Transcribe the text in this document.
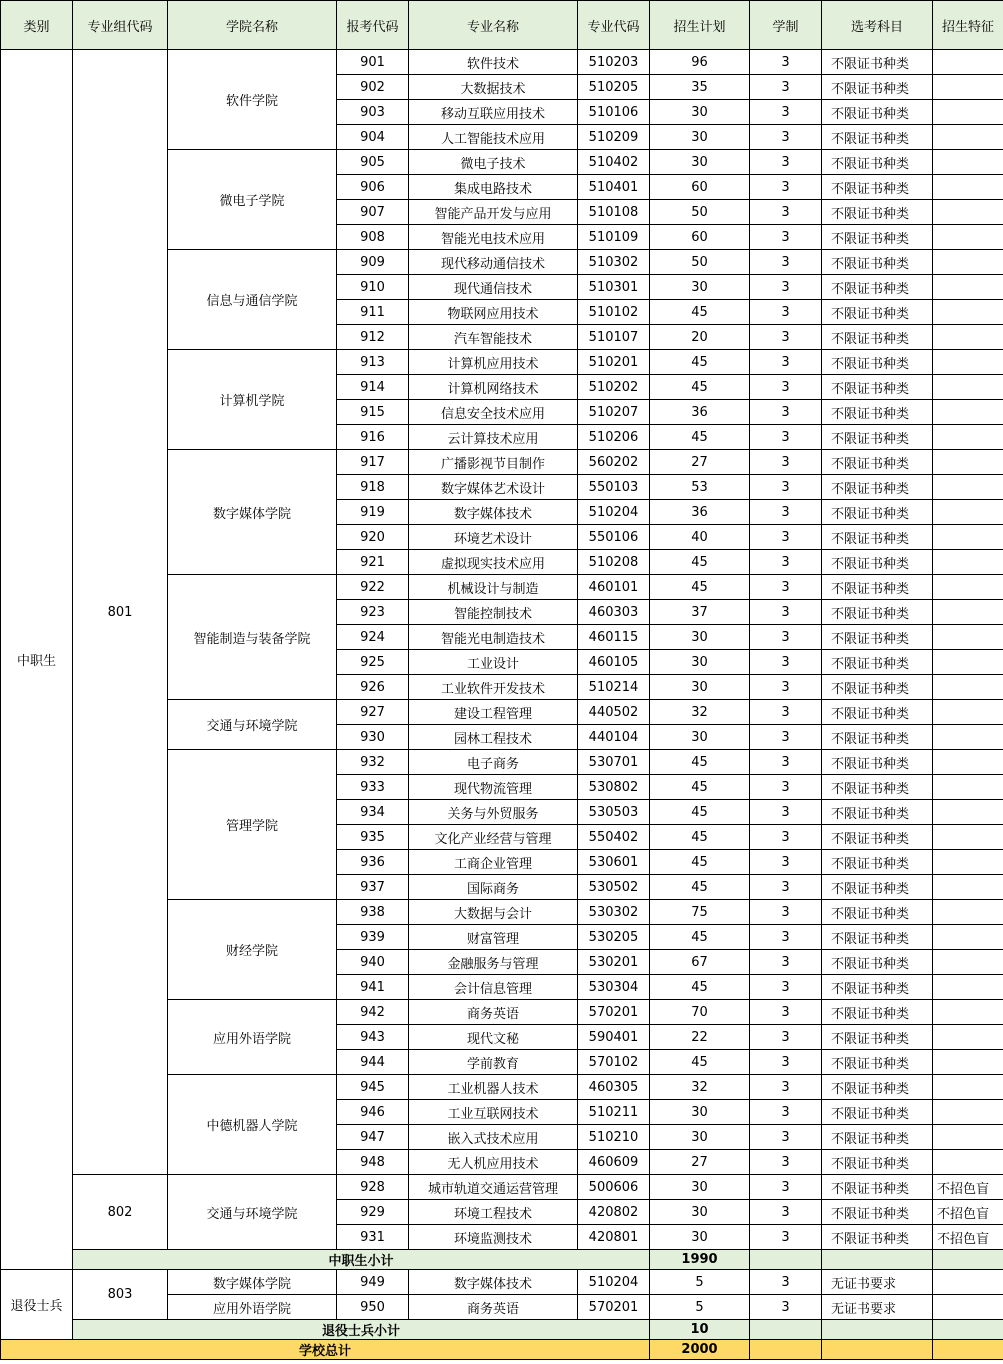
类别	专业组代码	学院名称	报考代码	专业名称	专业代码	招生计划	学制	选考科目	招生特征
中职生	801	软件学院	901	软件技术	510203	96	3	不限证书种类	
			902	大数据技术	510205	35	3	不限证书种类	
			903	移动互联应用技术	510106	30	3	不限证书种类	
			904	人工智能技术应用	510209	30	3	不限证书种类	
		微电子学院	905	微电子技术	510402	30	3	不限证书种类	
			906	集成电路技术	510401	60	3	不限证书种类	
			907	智能产品开发与应用	510108	50	3	不限证书种类	
			908	智能光电技术应用	510109	60	3	不限证书种类	
		信息与通信学院	909	现代移动通信技术	510302	50	3	不限证书种类	
			910	现代通信技术	510301	30	3	不限证书种类	
			911	物联网应用技术	510102	45	3	不限证书种类	
			912	汽车智能技术	510107	20	3	不限证书种类	
		计算机学院	913	计算机应用技术	510201	45	3	不限证书种类	
			914	计算机网络技术	510202	45	3	不限证书种类	
			915	信息安全技术应用	510207	36	3	不限证书种类	
			916	云计算技术应用	510206	45	3	不限证书种类	
		数字媒体学院	917	广播影视节目制作	560202	27	3	不限证书种类	
			918	数字媒体艺术设计	550103	53	3	不限证书种类	
			919	数字媒体技术	510204	36	3	不限证书种类	
			920	环境艺术设计	550106	40	3	不限证书种类	
			921	虚拟现实技术应用	510208	45	3	不限证书种类	
		智能制造与装备学院	922	机械设计与制造	460101	45	3	不限证书种类	
			923	智能控制技术	460303	37	3	不限证书种类	
			924	智能光电制造技术	460115	30	3	不限证书种类	
			925	工业设计	460105	30	3	不限证书种类	
			926	工业软件开发技术	510214	30	3	不限证书种类	
		交通与环境学院	927	建设工程管理	440502	32	3	不限证书种类	
			930	园林工程技术	440104	30	3	不限证书种类	
		管理学院	932	电子商务	530701	45	3	不限证书种类	
			933	现代物流管理	530802	45	3	不限证书种类	
			934	关务与外贸服务	530503	45	3	不限证书种类	
			935	文化产业经营与管理	550402	45	3	不限证书种类	
			936	工商企业管理	530601	45	3	不限证书种类	
			937	国际商务	530502	45	3	不限证书种类	
		财经学院	938	大数据与会计	530302	75	3	不限证书种类	
			939	财富管理	530205	45	3	不限证书种类	
			940	金融服务与管理	530201	67	3	不限证书种类	
			941	会计信息管理	530304	45	3	不限证书种类	
		应用外语学院	942	商务英语	570201	70	3	不限证书种类	
			943	现代文秘	590401	22	3	不限证书种类	
			944	学前教育	570102	45	3	不限证书种类	
		中德机器人学院	945	工业机器人技术	460305	32	3	不限证书种类	
			946	工业互联网技术	510211	30	3	不限证书种类	
			947	嵌入式技术应用	510210	30	3	不限证书种类	
			948	无人机应用技术	460609	27	3	不限证书种类	
	802	交通与环境学院	928	城市轨道交通运营管理	500606	30	3	不限证书种类	不招色盲
			929	环境工程技术	420802	30	3	不限证书种类	不招色盲
			931	环境监测技术	420801	30	3	不限证书种类	不招色盲
	中职生小计					1990			
退役士兵	803	数字媒体学院	949	数字媒体技术	510204	5	3	无证书要求	
		应用外语学院	950	商务英语	570201	5	3	无证书要求	
	退役士兵小计					10			
学校总计						2000			
